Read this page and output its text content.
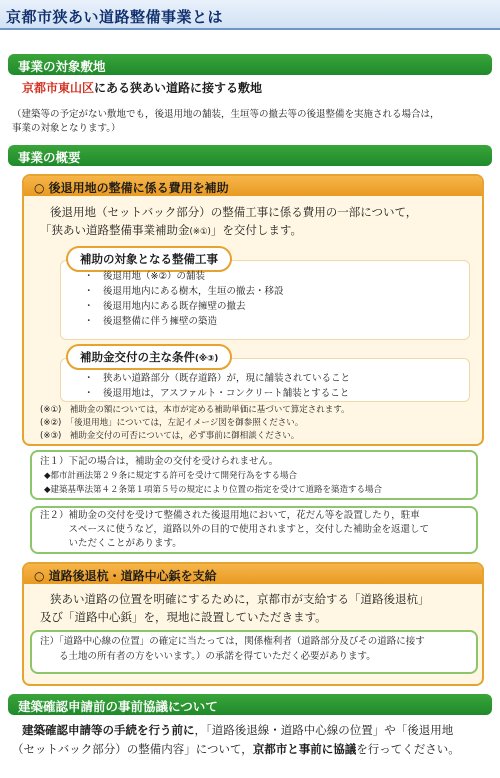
京都市狭あい道路整備事業とは
事業の対象敷地
京都市東山区にある狭あい道路に接する敷地
（建築等の予定がない敷地でも，後退用地の舗装，生垣等の撤去等の後退整備を実施される場合は，
事業の対象となります。）
事業の概要
○ 後退用地の整備に係る費用を補助
後退用地（セットバック部分）の整備工事に係る費用の一部について，
「狭あい道路整備事業補助金(※①)」を交付します。
補助の対象となる整備工事
・　後退用地（※②）の舗装
・　後退用地内にある樹木，生垣の撤去・移設
・　後退用地内にある既存擁壁の撤去
・　後退整備に伴う擁壁の築造
補助金交付の主な条件(※③)
・　狭あい道路部分（既存道路）が，現に舗装されていること
・　後退用地は，アスファルト・コンクリート舗装とすること
(※①)　補助金の額については，本市が定める補助単価に基づいて算定されます。
(※②)　「後退用地」については，左記イメージ図を御参照ください。
(※③)　補助金交付の可否については，必ず事前に御相談ください。
注１）下記の場合は，補助金の交付を受けられません。
◆都市計画法第２９条に規定する許可を受けて開発行為をする場合
◆建築基準法第４２条第１項第５号の規定により位置の指定を受けて道路を築造する場合
注２）補助金の交付を受けて整備された後退用地において，花だん等を設置したり，駐車
　　　スペースに使うなど，道路以外の目的で使用されますと，交付した補助金を返還して
　　　いただくことがあります。
○ 道路後退杭・道路中心鋲を支給
狭あい道路の位置を明確にするために，京都市が支給する「道路後退杭」
及び「道路中心鋲」を，現地に設置していただきます。
注）「道路中心線の位置」の確定に当たっては，関係権利者（道路部分及びその道路に接す
　　る土地の所有者の方をいいます。）の承諾を得ていただく必要があります。
建築確認申請前の事前協議について
建築確認申請等の手続を行う前に，「道路後退線・道路中心線の位置」や「後退用地
（セットバック部分）の整備内容」について，京都市と事前に協議を行ってください。
